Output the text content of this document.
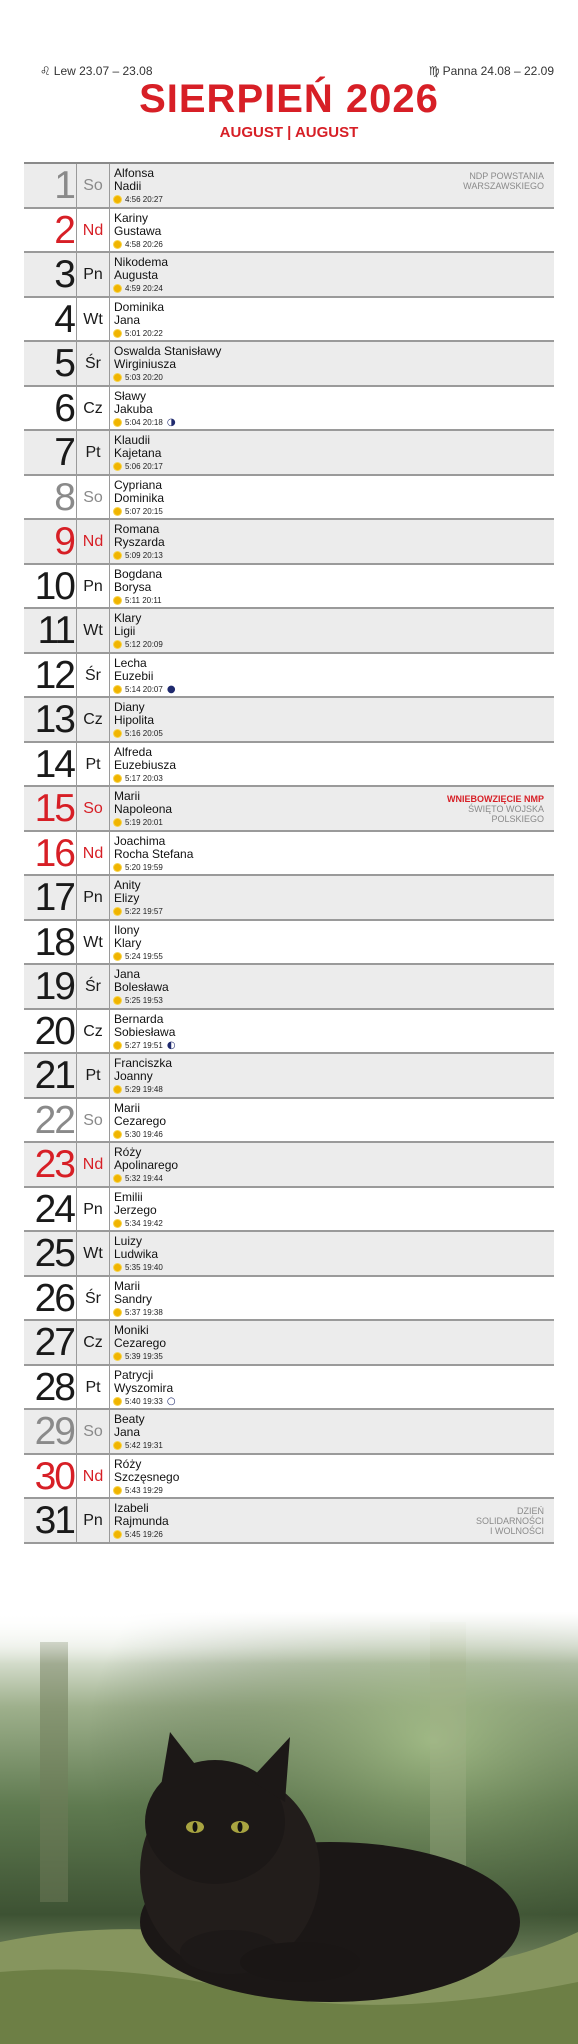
♌ Lew 23.07 – 23.08	♍ Panna 24.08 – 22.09
SIERPIEŃ 2026
AUGUST | AUGUST
1 So
Alfonsa
Nadii
4:56 20:27
NDP POWSTANIA
WARSZAWSKIEGO
2 Nd
Kariny
Gustawa
4:58 20:26
3 Pn
Nikodema
Augusta
4:59 20:24
4 Wt
Dominika
Jana
5:01 20:22
5 Śr
Oswalda Stanisławy
Wirginiusza
5:03 20:20
6 Cz
Sławy
Jakuba
5:04 20:18 ◑
7 Pt
Klaudii
Kajetana
5:06 20:17
8 So
Cypriana
Dominika
5:07 20:15
9 Nd
Romana
Ryszarda
5:09 20:13
10 Pn
Bogdana
Borysa
5:11 20:11
11 Wt
Klary
Ligii
5:12 20:09
12 Śr
Lecha
Euzebii
5:14 20:07 ●
13 Cz
Diany
Hipolita
5:16 20:05
14 Pt
Alfreda
Euzebiusza
5:17 20:03
15 So
Marii
Napoleona
5:19 20:01
WNIEBOWZIĘCIE NMP
ŚWIĘTO WOJSKA
POLSKIEGO
16 Nd
Joachima
Rocha Stefana
5:20 19:59
17 Pn
Anity
Elizy
5:22 19:57
18 Wt
Ilony
Klary
5:24 19:55
19 Śr
Jana
Bolesława
5:25 19:53
20 Cz
Bernarda
Sobiesława
5:27 19:51 ◐
21 Pt
Franciszka
Joanny
5:29 19:48
22 So
Marii
Cezarego
5:30 19:46
23 Nd
Róży
Apolinarego
5:32 19:44
24 Pn
Emilii
Jerzego
5:34 19:42
25 Wt
Luizy
Ludwika
5:35 19:40
26 Śr
Marii
Sandry
5:37 19:38
27 Cz
Moniki
Cezarego
5:39 19:35
28 Pt
Patrycji
Wyszomira
5:40 19:33 ○
29 So
Beaty
Jana
5:42 19:31
30 Nd
Róży
Szczęsnego
5:43 19:29
31 Pn
Izabeli
Rajmunda
5:45 19:26
DZIEŃ
SOLIDARNOŚCI
I WOLNOŚCI
